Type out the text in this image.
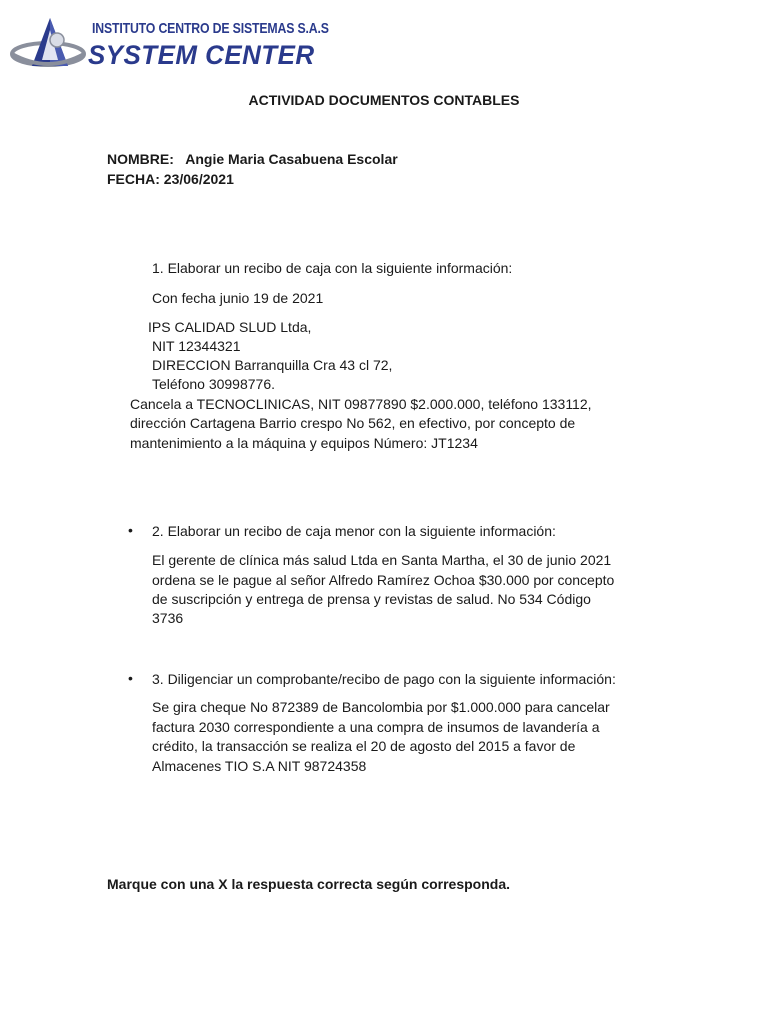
INSTITUTO CENTRO DE SISTEMAS S.A.S
SYSTEM CENTER
ACTIVIDAD DOCUMENTOS CONTABLES
NOMBRE: Angie Maria Casabuena Escolar
FECHA: 23/06/2021
1. Elaborar un recibo de caja con la siguiente información:
Con fecha junio 19 de 2021
IPS CALIDAD SLUD Ltda,
NIT 12344321
DIRECCION Barranquilla Cra 43 cl 72,
Teléfono 30998776.
Cancela a TECNOCLINICAS, NIT 09877890 $2.000.000, teléfono 133112,
dirección Cartagena Barrio crespo No 562, en efectivo, por concepto de
mantenimiento a la máquina y equipos Número: JT1234
• 2. Elaborar un recibo de caja menor con la siguiente información:
El gerente de clínica más salud Ltda en Santa Martha, el 30 de junio 2021
ordena se le pague al señor Alfredo Ramírez Ochoa $30.000 por concepto
de suscripción y entrega de prensa y revistas de salud. No 534 Código
3736
• 3. Diligenciar un comprobante/recibo de pago con la siguiente información:
Se gira cheque No 872389 de Bancolombia por $1.000.000 para cancelar
factura 2030 correspondiente a una compra de insumos de lavandería a
crédito, la transacción se realiza el 20 de agosto del 2015 a favor de
Almacenes TIO S.A NIT 98724358
Marque con una X la respuesta correcta según corresponda.
